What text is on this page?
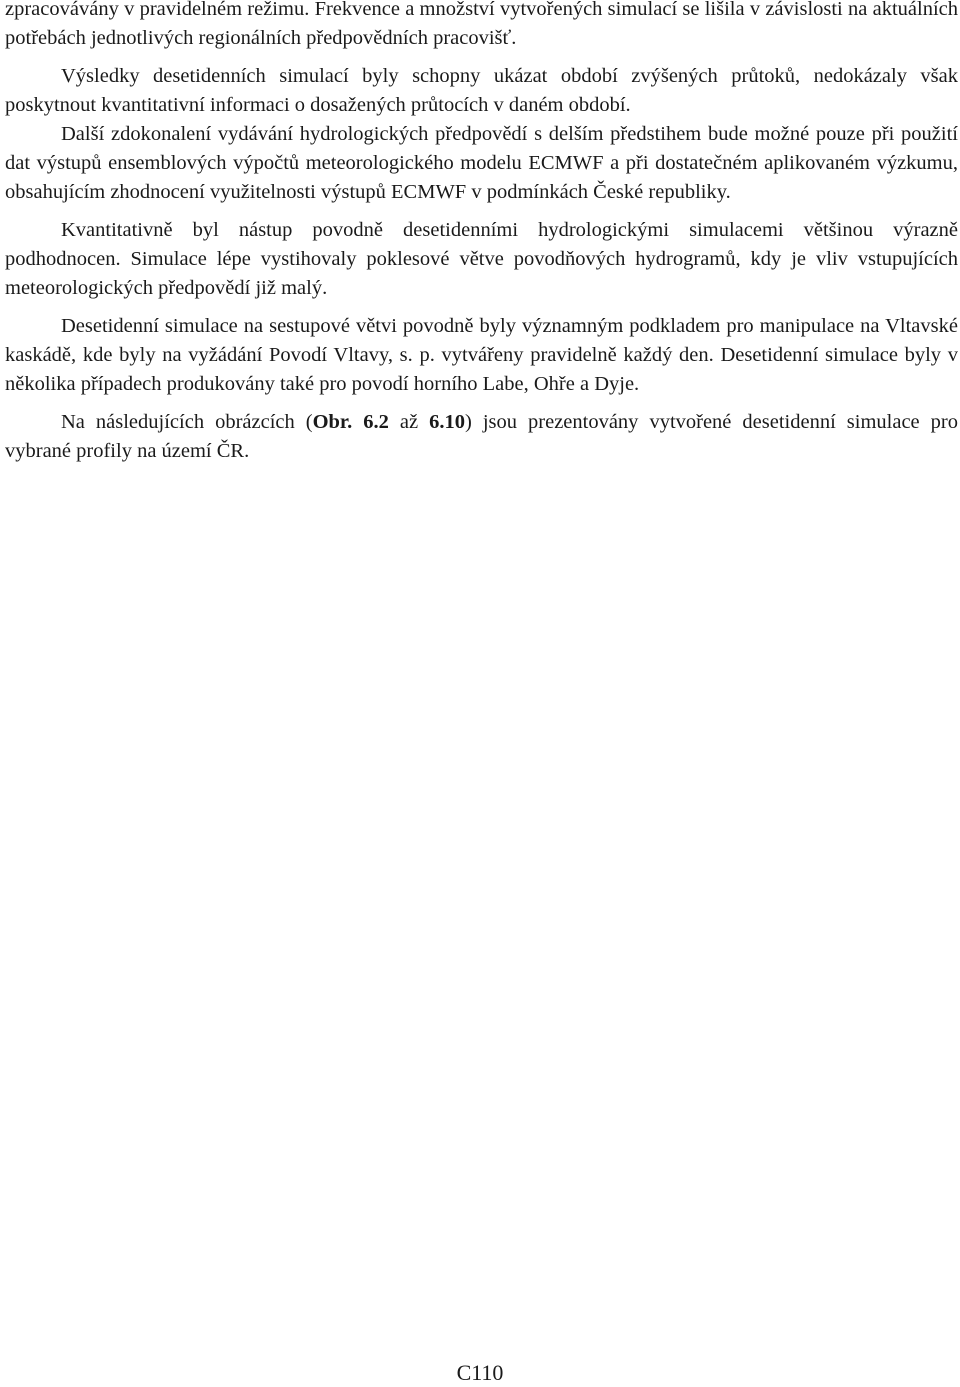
zpracovávány v pravidelném režimu. Frekvence a množství vytvořených simulací se lišila v závislosti na aktuálních potřebách jednotlivých regionálních předpovědních pracovišť.

Výsledky desetidenních simulací byly schopny ukázat období zvýšených průtoků, nedokázaly však poskytnout kvantitativní informaci o dosažených průtocích v daném období.

Další zdokonalení vydávání hydrologických předpovědí s delším předstihem bude možné pouze při použití dat výstupů ensemblových výpočtů meteorologického modelu ECMWF a při dostatečném aplikovaném výzkumu, obsahujícím zhodnocení využitelnosti výstupů ECMWF v podmínkách České republiky.

Kvantitativně byl nástup povodně desetidenními hydrologickými simulacemi většinou výrazně podhodnocen. Simulace lépe vystihovaly poklesové větve povodňových hydrogramů, kdy je vliv vstupujících meteorologických předpovědí již malý.

Desetidenní simulace na sestupové větvi povodně byly významným podkladem pro manipulace na Vltavské kaskádě, kde byly na vyžádání Povodí Vltavy, s. p. vytvářeny pravidelně každý den. Desetidenní simulace byly v několika případech produkovány také pro povodí horního Labe, Ohře a Dyje.

Na následujících obrázcích (Obr. 6.2 až 6.10) jsou prezentovány vytvořené desetidenní simulace pro vybrané profily na území ČR.

C110
